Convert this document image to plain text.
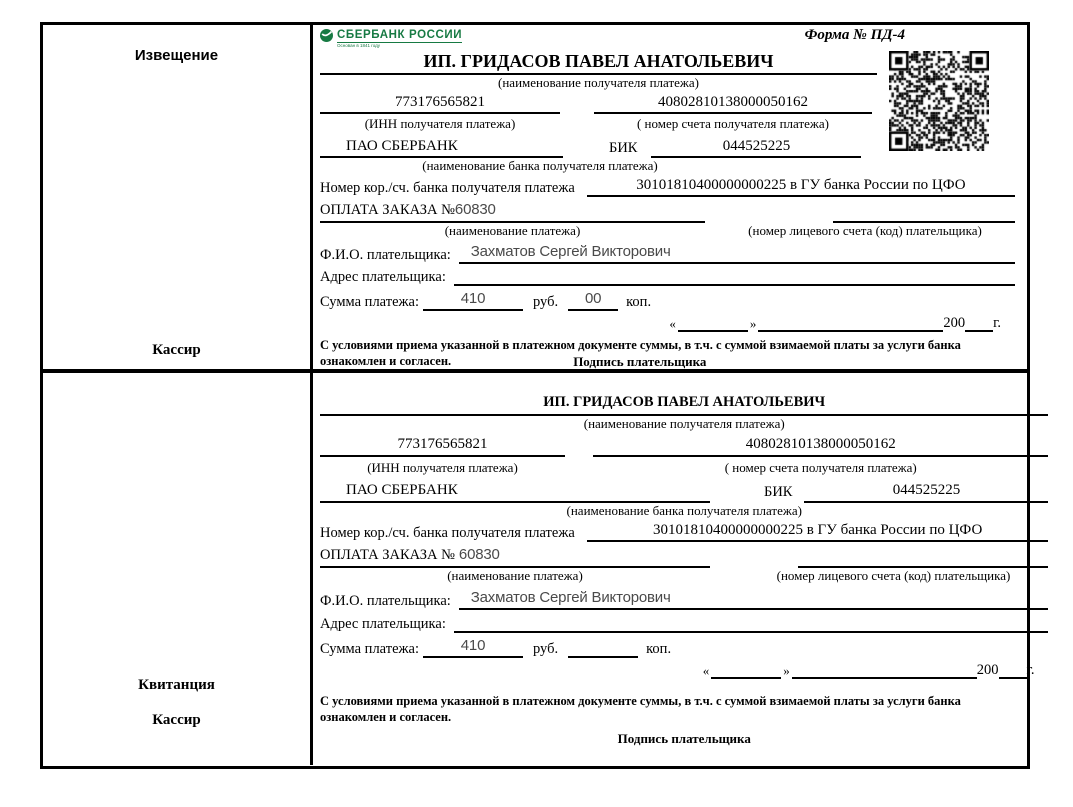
Извещение
Кассир
Форма № ПД-4
СБЕРБАНК РОССИИ
Основан в 1841 году
ИП. ГРИДАСОВ ПАВЕЛ АНАТОЛЬЕВИЧ
(наименование получателя платежа)
773176565821	40802810138000050162
(ИНН получателя платежа)	( номер счета получателя платежа)
ПАО СБЕРБАНК	БИК	044525225
(наименование банка получателя платежа)
Номер кор./сч. банка получателя платежа	30101810400000000225 в ГУ банка России по ЦФО
ОПЛАТА ЗАКАЗА №60830
(наименование платежа)	(номер лицевого счета (код) плательщика)
Ф.И.О. плательщика:	Захматов Сергей Викторович
Адрес плательщика:
Сумма платежа:	410	руб.	00	коп.
«	»	200 г.
С условиями приема указанной в платежном документе суммы, в т.ч. с суммой взимаемой платы за услуги банка
ознакомлен и согласен.	Подпись плательщика
Квитанция
Кассир
ИП. ГРИДАСОВ ПАВЕЛ АНАТОЛЬЕВИЧ
(наименование получателя платежа)
773176565821	40802810138000050162
(ИНН получателя платежа)	( номер счета получателя платежа)
ПАО СБЕРБАНК	БИК	044525225
(наименование банка получателя платежа)
Номер кор./сч. банка получателя платежа	30101810400000000225 в ГУ банка России по ЦФО
ОПЛАТА ЗАКАЗА № 60830
(наименование платежа)	(номер лицевого счета (код) плательщика)
Ф.И.О. плательщика:	Захматов Сергей Викторович
Адрес плательщика:
Сумма платежа:	410	руб.	коп.
«	»	200 г.
С условиями приема указанной в платежном документе суммы, в т.ч. с суммой взимаемой платы за услуги банка
ознакомлен и согласен.
Подпись плательщика
